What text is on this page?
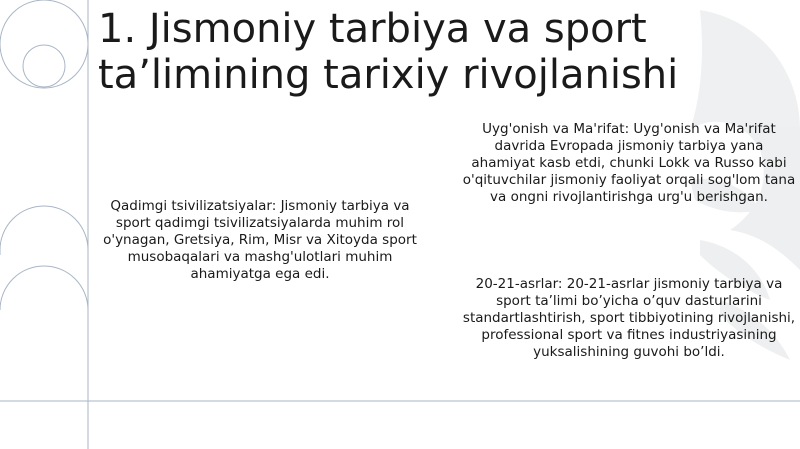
1. Jismoniy tarbiya va sport ta’limining tarixiy rivojlanishi

Qadimgi tsivilizatsiyalar: Jismoniy tarbiya va sport qadimgi tsivilizatsiyalarda muhim rol o'ynagan, Gretsiya, Rim, Misr va Xitoyda sport musobaqalari va mashg'ulotlari muhim ahamiyatga ega edi.

Uyg'onish va Ma'rifat: Uyg'onish va Ma'rifat davrida Evropada jismoniy tarbiya yana ahamiyat kasb etdi, chunki Lokk va Russo kabi o'qituvchilar jismoniy faoliyat orqali sog'lom tana va ongni rivojlantirishga urg'u berishgan.

20-21-asrlar: 20-21-asrlar jismoniy tarbiya va sport ta’limi bo’yicha o’quv dasturlarini standartlashtirish, sport tibbiyotining rivojlanishi, professional sport va fitnes industriyasining yuksalishining guvohi bo’ldi.
